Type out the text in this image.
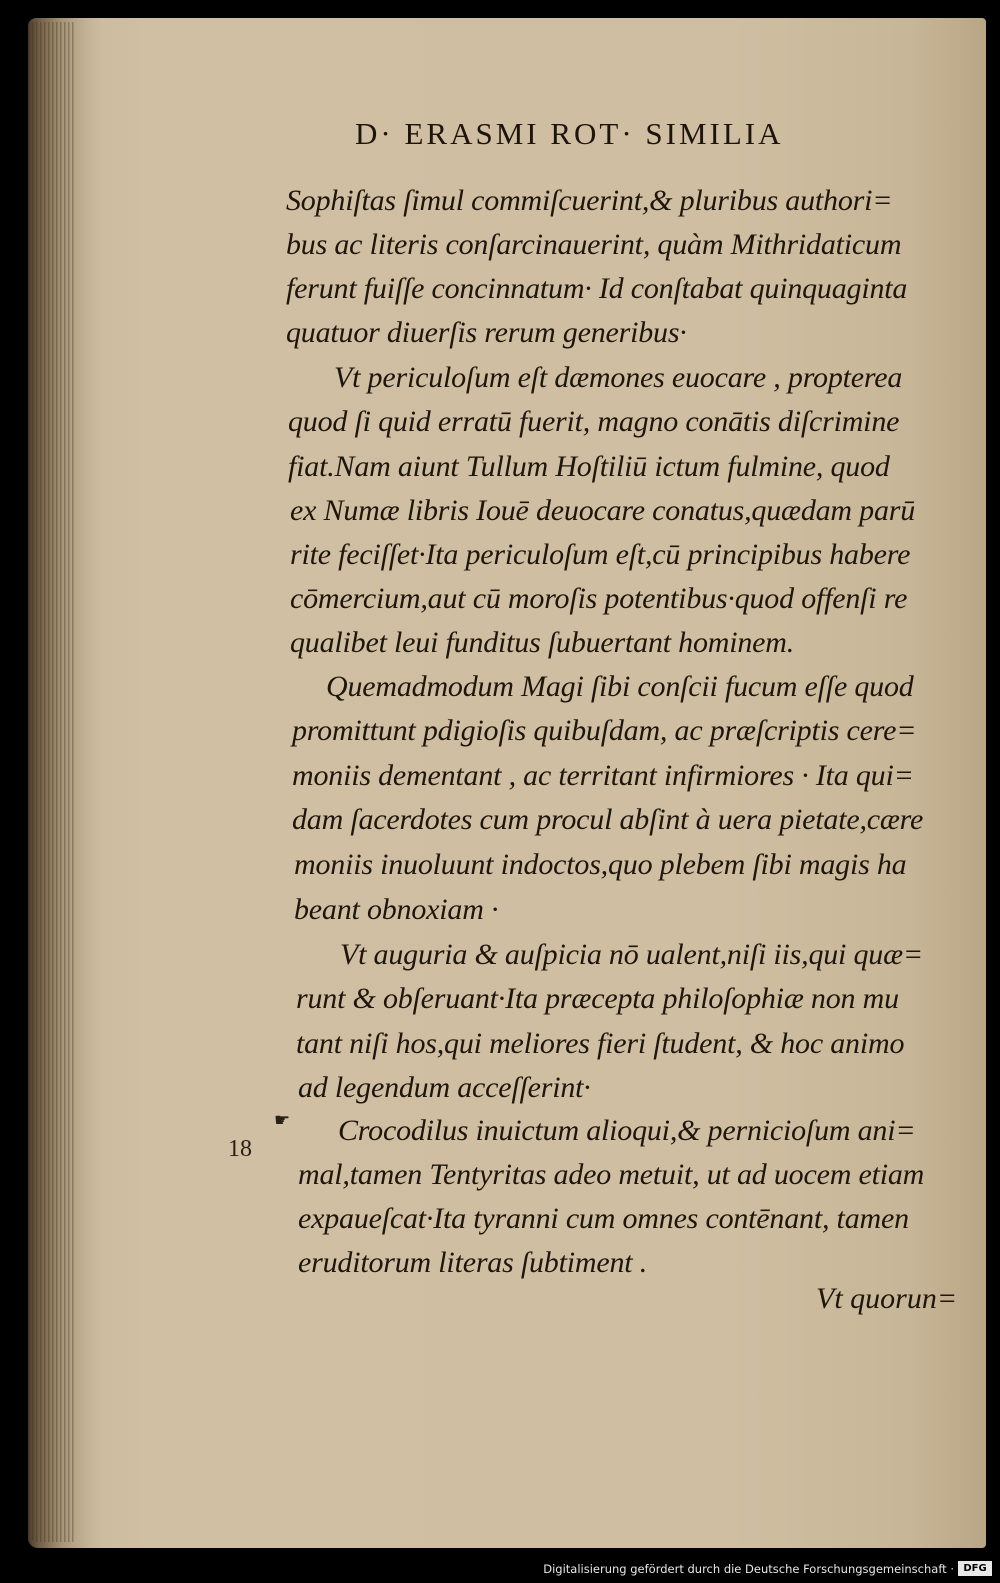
D· ERASMI ROT· SIMILIA
Sophiſtas ſimul commiſcuerint,& pluribus authori=
bus ac literis conſarcinauerint, quàm Mithridaticum
ferunt fuiſſe concinnatum· Id conſtabat quinquaginta
quatuor diuerſis rerum generibus·
Vt periculoſum eſt dæmones euocare , propterea
quod ſi quid erratū fuerit, magno conātis diſcrimine
fiat.Nam aiunt Tullum Hoſtiliū ictum fulmine, quod
ex Numæ libris Iouē deuocare conatus,quædam parū
rite feciſſet·Ita periculoſum eſt,cū principibus habere
cōmercium,aut cū moroſis potentibus·quod offenſi re
qualibet leui funditus ſubuertant hominem.
Quemadmodum Magi ſibi conſcii fucum eſſe quod
promittunt pdigioſis quibuſdam, ac præſcriptis cere=
moniis dementant , ac territant infirmiores · Ita qui=
dam ſacerdotes cum procul abſint à uera pietate,cære
moniis inuoluunt indoctos,quo plebem ſibi magis ha
beant obnoxiam ·
Vt auguria & auſpicia nō ualent,niſi iis,qui quæ=
runt & obſeruant·Ita præcepta philoſophiæ non mu
tant niſi hos,qui meliores fieri ſtudent, & hoc animo
ad legendum acceſſerint·
Crocodilus inuictum alioqui,& pernicioſum ani=
mal,tamen Tentyritas adeo metuit, ut ad uocem etiam
expaueſcat·Ita tyranni cum omnes contēnant, tamen
eruditorum literas ſubtiment .
18
☛
Vt quorun=
Digitalisierung gefördert durch die Deutsche Forschungsgemeinschaft · DFG
